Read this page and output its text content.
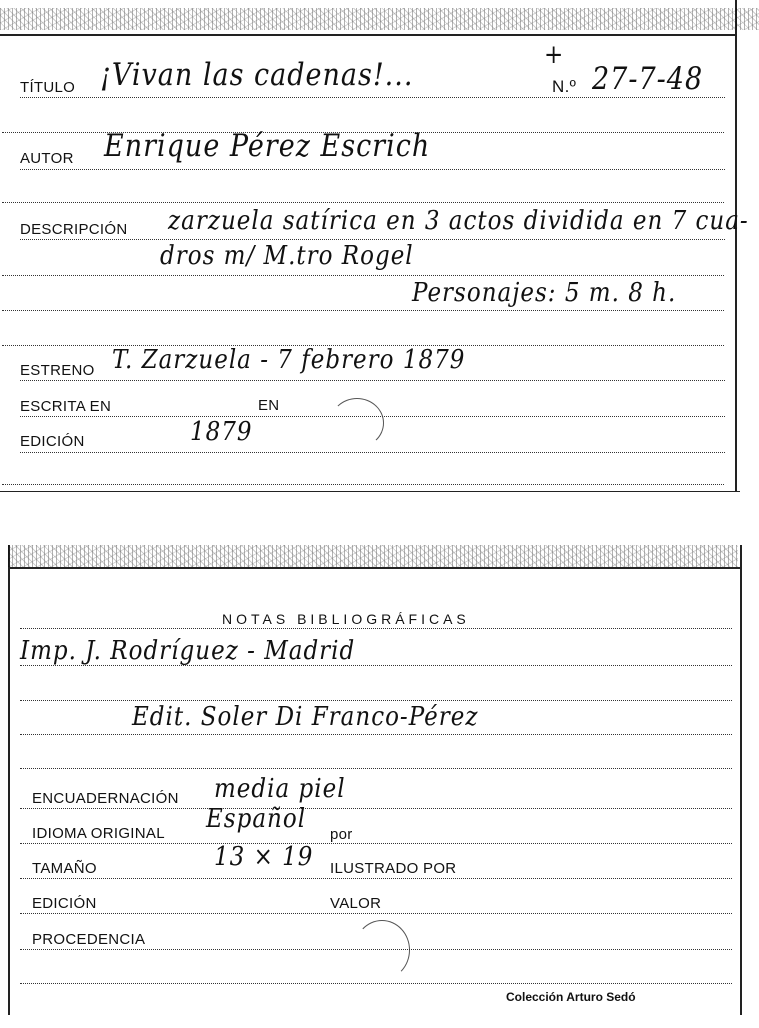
TÍTULO ¡Vivan las cadenas!...
+
N.º 27-7-48
AUTOR Enrique Pérez Escrich
DESCRIPCIÓN zarzuela satírica en 3 actos dividida en 7 cua-
dros m/ M.tro Rogel
Personajes: 5 m. 8 h.
ESTRENO T. Zarzuela - 7 febrero 1879
ESCRITA EN	EN
EDICIÓN	1879
NOTAS BIBLIOGRÁFICAS
Imp. J. Rodríguez - Madrid
Edit. Soler Di Franco-Pérez
ENCUADERNACIÓN media piel
IDIOMA ORIGINAL Español
por
TAMAÑO	13 × 19 ILUSTRADO POR
EDICIÓN	VALOR
PROCEDENCIA
Colección Arturo Sedó
